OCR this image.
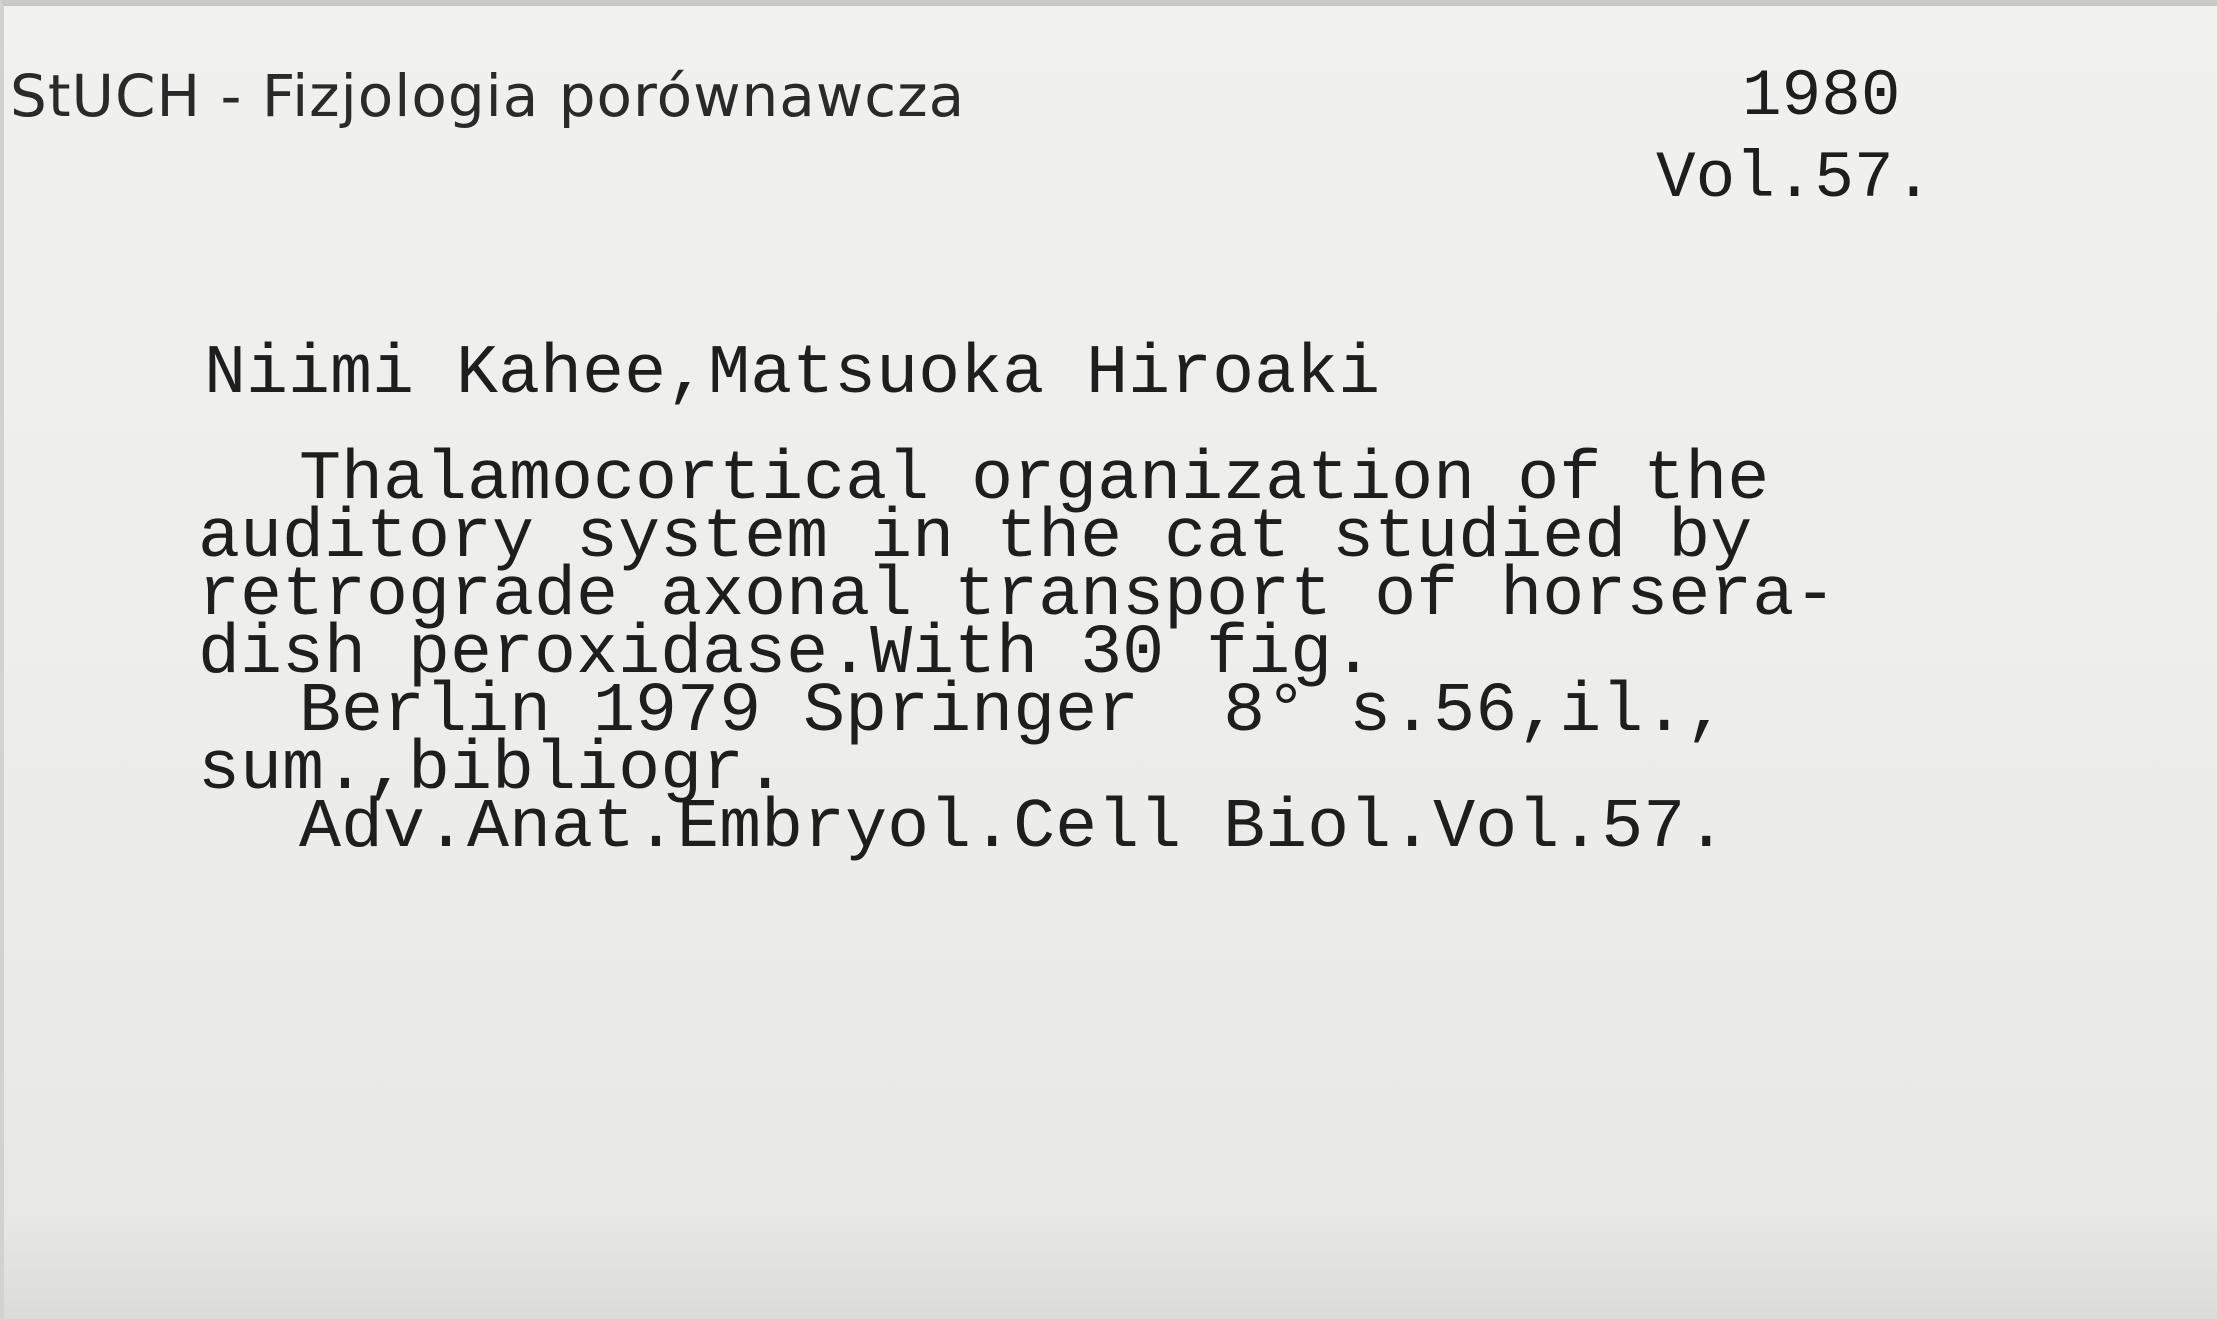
StUCH - Fizjologia porównawcza	1980
Vol.57.
Niimi Kahee,Matsuoka Hiroaki
Thalamocortical organization of the
auditory system in the cat studied by
retrograde axonal transport of horsera-
dish peroxidase.With 30 fig.
Berlin 1979 Springer  8° s.56,il.,
sum.,bibliogr.
Adv.Anat.Embryol.Cell Biol.Vol.57.
